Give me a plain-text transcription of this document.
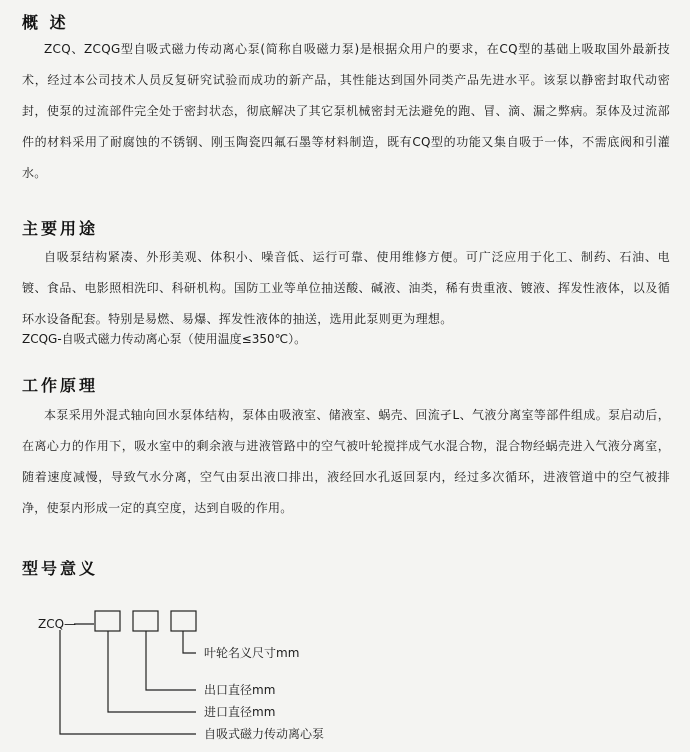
概 述
ZCQ、ZCQG型自吸式磁力传动离心泵(简称自吸磁力泵)是根据众用户的要求，在CQ型的基础上吸取国外最新技术，经过本公司技术人员反复研究试验而成功的新产品，其性能达到国外同类产品先进水平。该泵以静密封取代动密封，使泵的过流部件完全处于密封状态，彻底解决了其它泵机械密封无法避免的跑、冒、滴、漏之弊病。泵体及过流部件的材料采用了耐腐蚀的不锈钢、刚玉陶瓷四氟石墨等材料制造，既有CQ型的功能又集自吸于一体，不需底阀和引灌水。
主要用途
自吸泵结构紧凑、外形美观、体积小、噪音低、运行可靠、使用维修方便。可广泛应用于化工、制药、石油、电镀、食品、电影照相洗印、科研机构。国防工业等单位抽送酸、碱液、油类，稀有贵重液、镀液、挥发性液体，以及循环水设备配套。特别是易燃、易爆、挥发性液体的抽送，选用此泵则更为理想。
ZCQG-自吸式磁力传动离心泵（使用温度≤350℃）。
工作原理
本泵采用外混式轴向回水泵体结构，泵体由吸液室、储液室、蜗壳、回流孑L、气液分离室等部件组成。泵启动后，在离心力的作用下，吸水室中的剩余液与进液管路中的空气被叶轮搅拌成气水混合物，混合物经蜗壳进入气液分离室，随着速度减慢，导致气水分离，空气由泵出液口排出，液经回水孔返回泵内，经过多次循环，进液管道中的空气被排净，使泵内形成一定的真空度，达到自吸的作用。
型号意义
ZCQ—
叶轮名义尺寸mm
出口直径mm
进口直径mm
自吸式磁力传动离心泵
